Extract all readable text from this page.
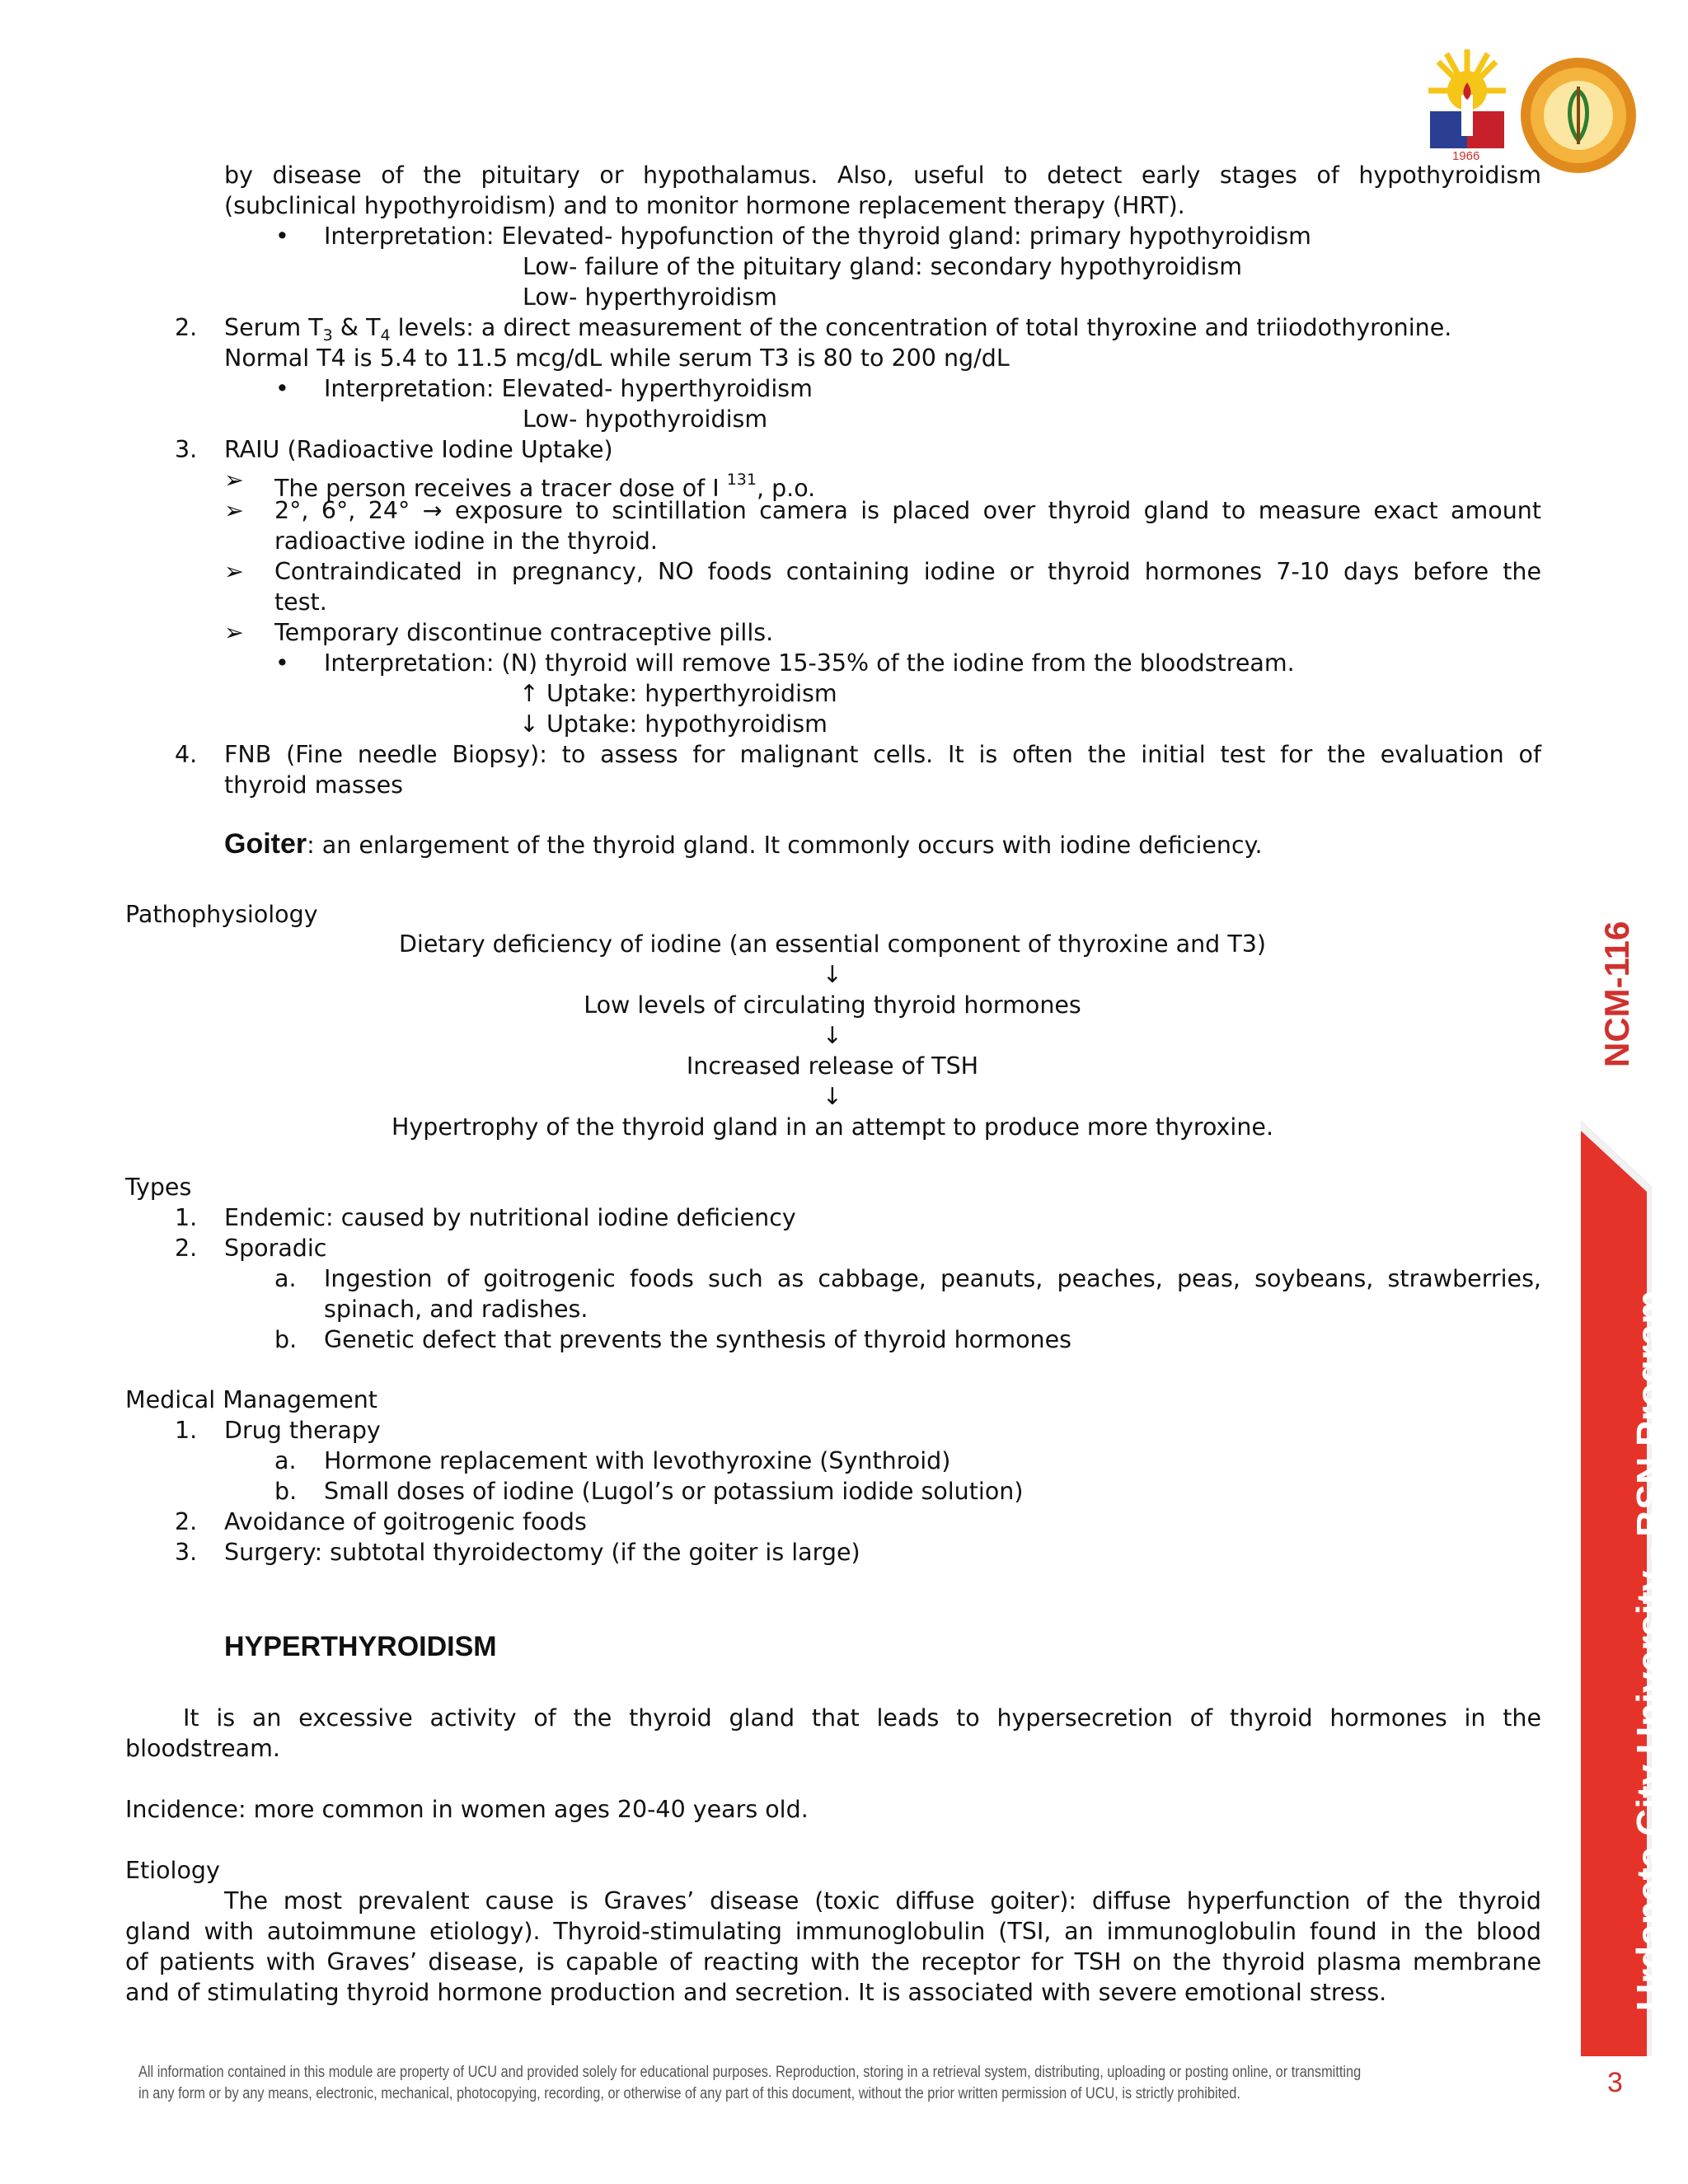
1966
by disease of the pituitary or hypothalamus. Also, useful to detect early stages of hypothyroidism
(subclinical hypothyroidism) and to monitor hormone replacement therapy (HRT).
• Interpretation: Elevated- hypofunction of the thyroid gland: primary hypothyroidism
Low- failure of the pituitary gland: secondary hypothyroidism
Low- hyperthyroidism
2. Serum $T_3$ & $T_4$ levels: a direct measurement of the concentration of total thyroxine and triiodothyronine.
Normal T4 is 5.4 to 11.5 mcg/dL while serum T3 is 80 to 200 ng/dL
• Interpretation: Elevated- hyperthyroidism
Low- hypothyroidism
3. RAIU (Radioactive Iodine Uptake)
➢ The person receives a tracer dose of I $^{131}$, p.o.
➢ 2°, 6°, 24° → exposure to scintillation camera is placed over thyroid gland to measure exact amount
radioactive iodine in the thyroid.
➢ Contraindicated in pregnancy, NO foods containing iodine or thyroid hormones 7-10 days before the
test.
➢ Temporary discontinue contraceptive pills.
• Interpretation: (N) thyroid will remove 15-35% of the iodine from the bloodstream.
↑ Uptake: hyperthyroidism
↓ Uptake: hypothyroidism
4. FNB (Fine needle Biopsy): to assess for malignant cells. It is often the initial test for the evaluation of
thyroid masses
Goiter: an enlargement of the thyroid gland. It commonly occurs with iodine deficiency.
Pathophysiology
Dietary deficiency of iodine (an essential component of thyroxine and T3)
↓
Low levels of circulating thyroid hormones
↓
Increased release of TSH
↓
Hypertrophy of the thyroid gland in an attempt to produce more thyroxine.
Types
1. Endemic: caused by nutritional iodine deficiency
2. Sporadic
a. Ingestion of goitrogenic foods such as cabbage, peanuts, peaches, peas, soybeans, strawberries,
spinach, and radishes.
b. Genetic defect that prevents the synthesis of thyroid hormones
Medical Management
1. Drug therapy
a. Hormone replacement with levothyroxine (Synthroid)
b. Small doses of iodine (Lugol’s or potassium iodide solution)
2. Avoidance of goitrogenic foods
3. Surgery: subtotal thyroidectomy (if the goiter is large)
HYPERTHYROIDISM
It is an excessive activity of the thyroid gland that leads to hypersecretion of thyroid hormones in the
bloodstream.
Incidence: more common in women ages 20-40 years old.
Etiology
The most prevalent cause is Graves’ disease (toxic diffuse goiter): diffuse hyperfunction of the thyroid
gland with autoimmune etiology). Thyroid-stimulating immunoglobulin (TSI, an immunoglobulin found in the blood
of patients with Graves’ disease, is capable of reacting with the receptor for TSH on the thyroid plasma membrane
and of stimulating thyroid hormone production and secretion. It is associated with severe emotional stress.
NCM-116
Urdaneta City University - BSN Program
All information contained in this module are property of UCU and provided solely for educational purposes. Reproduction, storing in a retrieval system, distributing, uploading or posting online, or transmitting
in any form or by any means, electronic, mechanical, photocopying, recording, or otherwise of any part of this document, without the prior written permission of UCU, is strictly prohibited.	3
